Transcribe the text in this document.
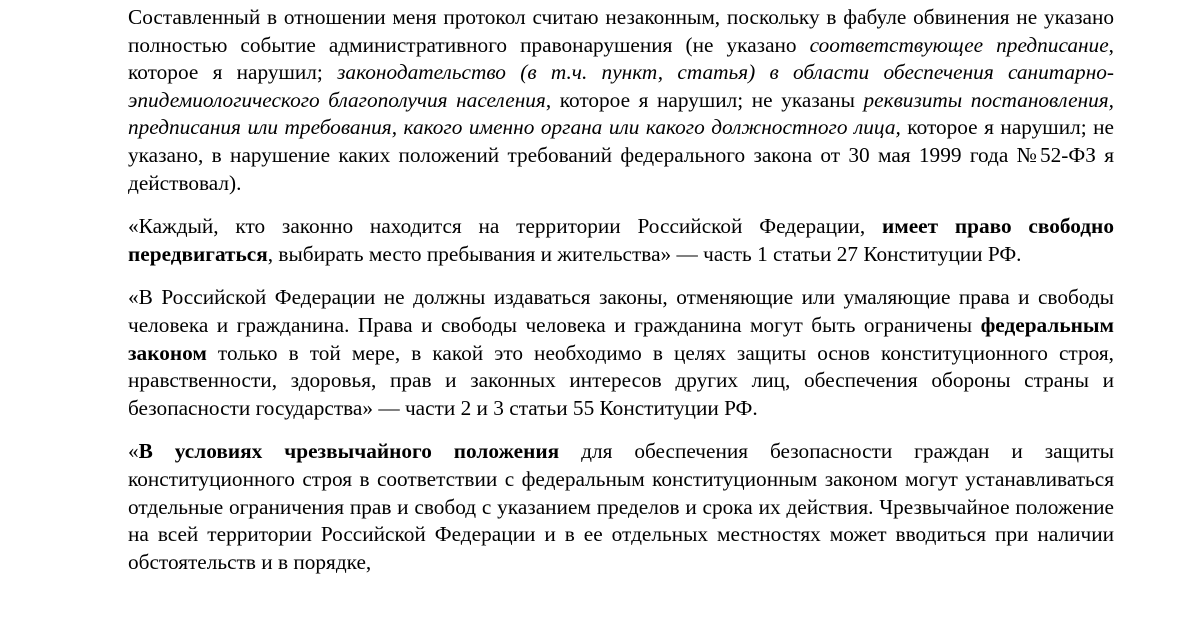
Составленный в отношении меня протокол считаю незаконным, поскольку в фабуле обвинения не указано полностью событие административного правонарушения (не указано соответствующее предписание, которое я нарушил; законодательство (в т.ч. пункт, статья) в области обеспечения санитарно-эпидемиологического благополучия населения, которое я нарушил; не указаны реквизиты постановления, предписания или требования, какого именно органа или какого должностного лица, которое я нарушил; не указано, в нарушение каких положений требований федерального закона от 30 мая 1999 года №52-ФЗ я действовал).

«Каждый, кто законно находится на территории Российской Федерации, имеет право свободно передвигаться, выбирать место пребывания и жительства» — часть 1 статьи 27 Конституции РФ.

«В Российской Федерации не должны издаваться законы, отменяющие или умаляющие права и свободы человека и гражданина. Права и свободы человека и гражданина могут быть ограничены федеральным законом только в той мере, в какой это необходимо в целях защиты основ конституционного строя, нравственности, здоровья, прав и законных интересов других лиц, обеспечения обороны страны и безопасности государства» — части 2 и 3 статьи 55 Конституции РФ.

«В условиях чрезвычайного положения для обеспечения безопасности граждан и защиты конституционного строя в соответствии с федеральным конституционным законом могут устанавливаться отдельные ограничения прав и свобод с указанием пределов и срока их действия. Чрезвычайное положение на всей территории Российской Федерации и в ее отдельных местностях может вводиться при наличии обстоятельств и в порядке,
